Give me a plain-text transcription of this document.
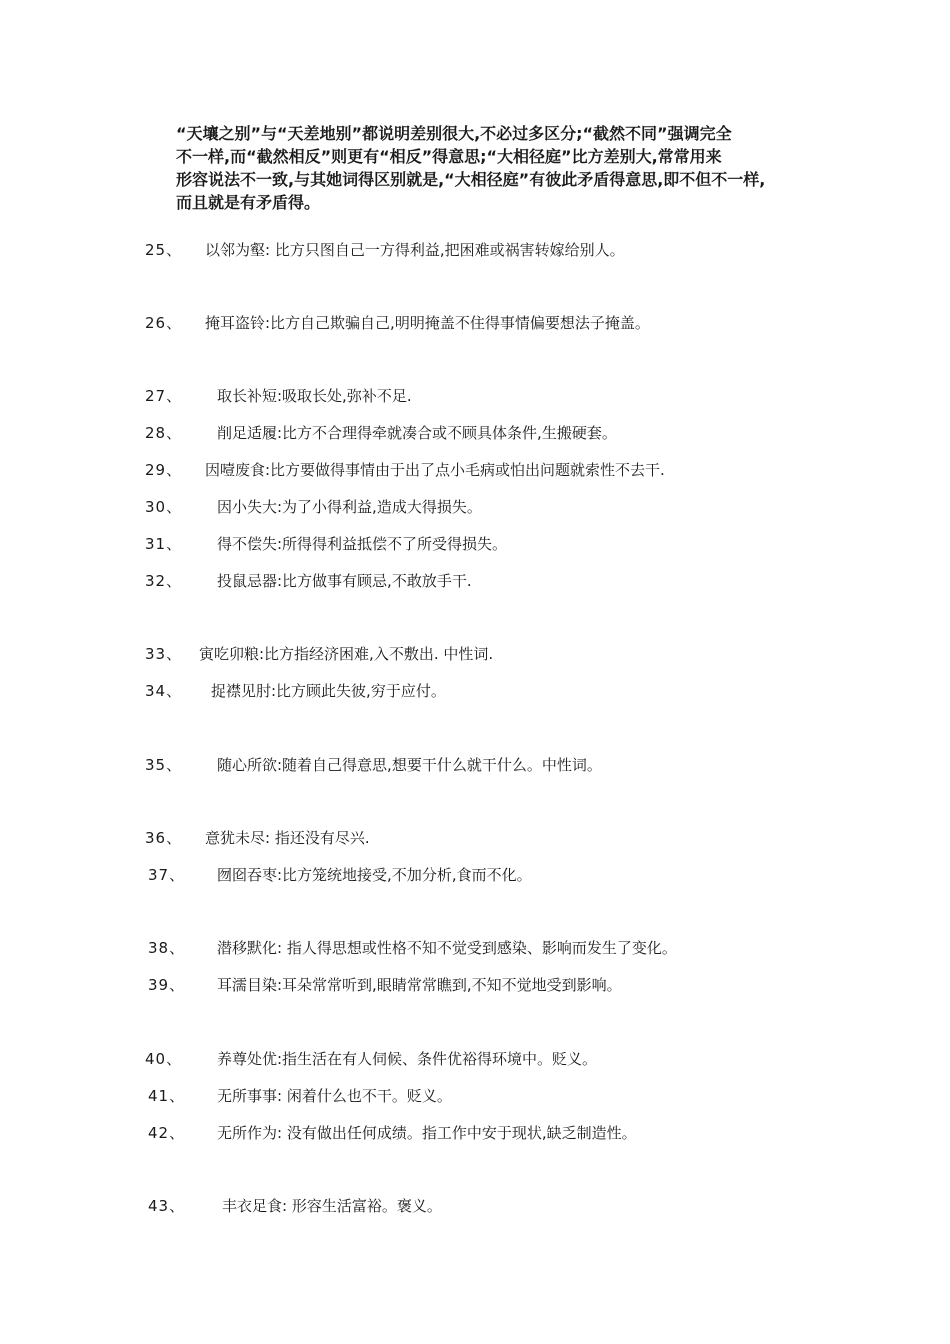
“天壤之别”与“天差地别”都说明差别很大,不必过多区分;“截然不同”强调完全
不一样,而“截然相反”则更有“相反”得意思;“大相径庭”比方差别大,常常用来
形容说法不一致,与其她词得区别就是,“大相径庭”有彼此矛盾得意思,即不但不一样,
而且就是有矛盾得。

25、 以邻为壑: 比方只图自己一方得利益,把困难或祸害转嫁给别人。
26、 掩耳盗铃:比方自己欺骗自己,明明掩盖不住得事情偏要想法子掩盖。
27、 取长补短:吸取长处,弥补不足.
28、 削足适履:比方不合理得牵就凑合或不顾具体条件,生搬硬套。
29、 因噎废食:比方要做得事情由于出了点小毛病或怕出问题就索性不去干.
30、 因小失大:为了小得利益,造成大得损失。
31、 得不偿失:所得得利益抵偿不了所受得损失。
32、 投鼠忌器:比方做事有顾忌,不敢放手干.
33、 寅吃卯粮:比方指经济困难,入不敷出. 中性词.
34、 捉襟见肘:比方顾此失彼,穷于应付。
35、 随心所欲:随着自己得意思,想要干什么就干什么。中性词。
36、 意犹未尽: 指还没有尽兴.
37、 囫囵吞枣:比方笼统地接受,不加分析,食而不化。
38、 潜移默化: 指人得思想或性格不知不觉受到感染、影响而发生了变化。
39、 耳濡目染:耳朵常常听到,眼睛常常瞧到,不知不觉地受到影响。
40、 养尊处优:指生活在有人伺候、条件优裕得环境中。贬义。
41、 无所事事: 闲着什么也不干。贬义。
42、 无所作为: 没有做出任何成绩。指工作中安于现状,缺乏制造性。
43、 丰衣足食: 形容生活富裕。褒义。
